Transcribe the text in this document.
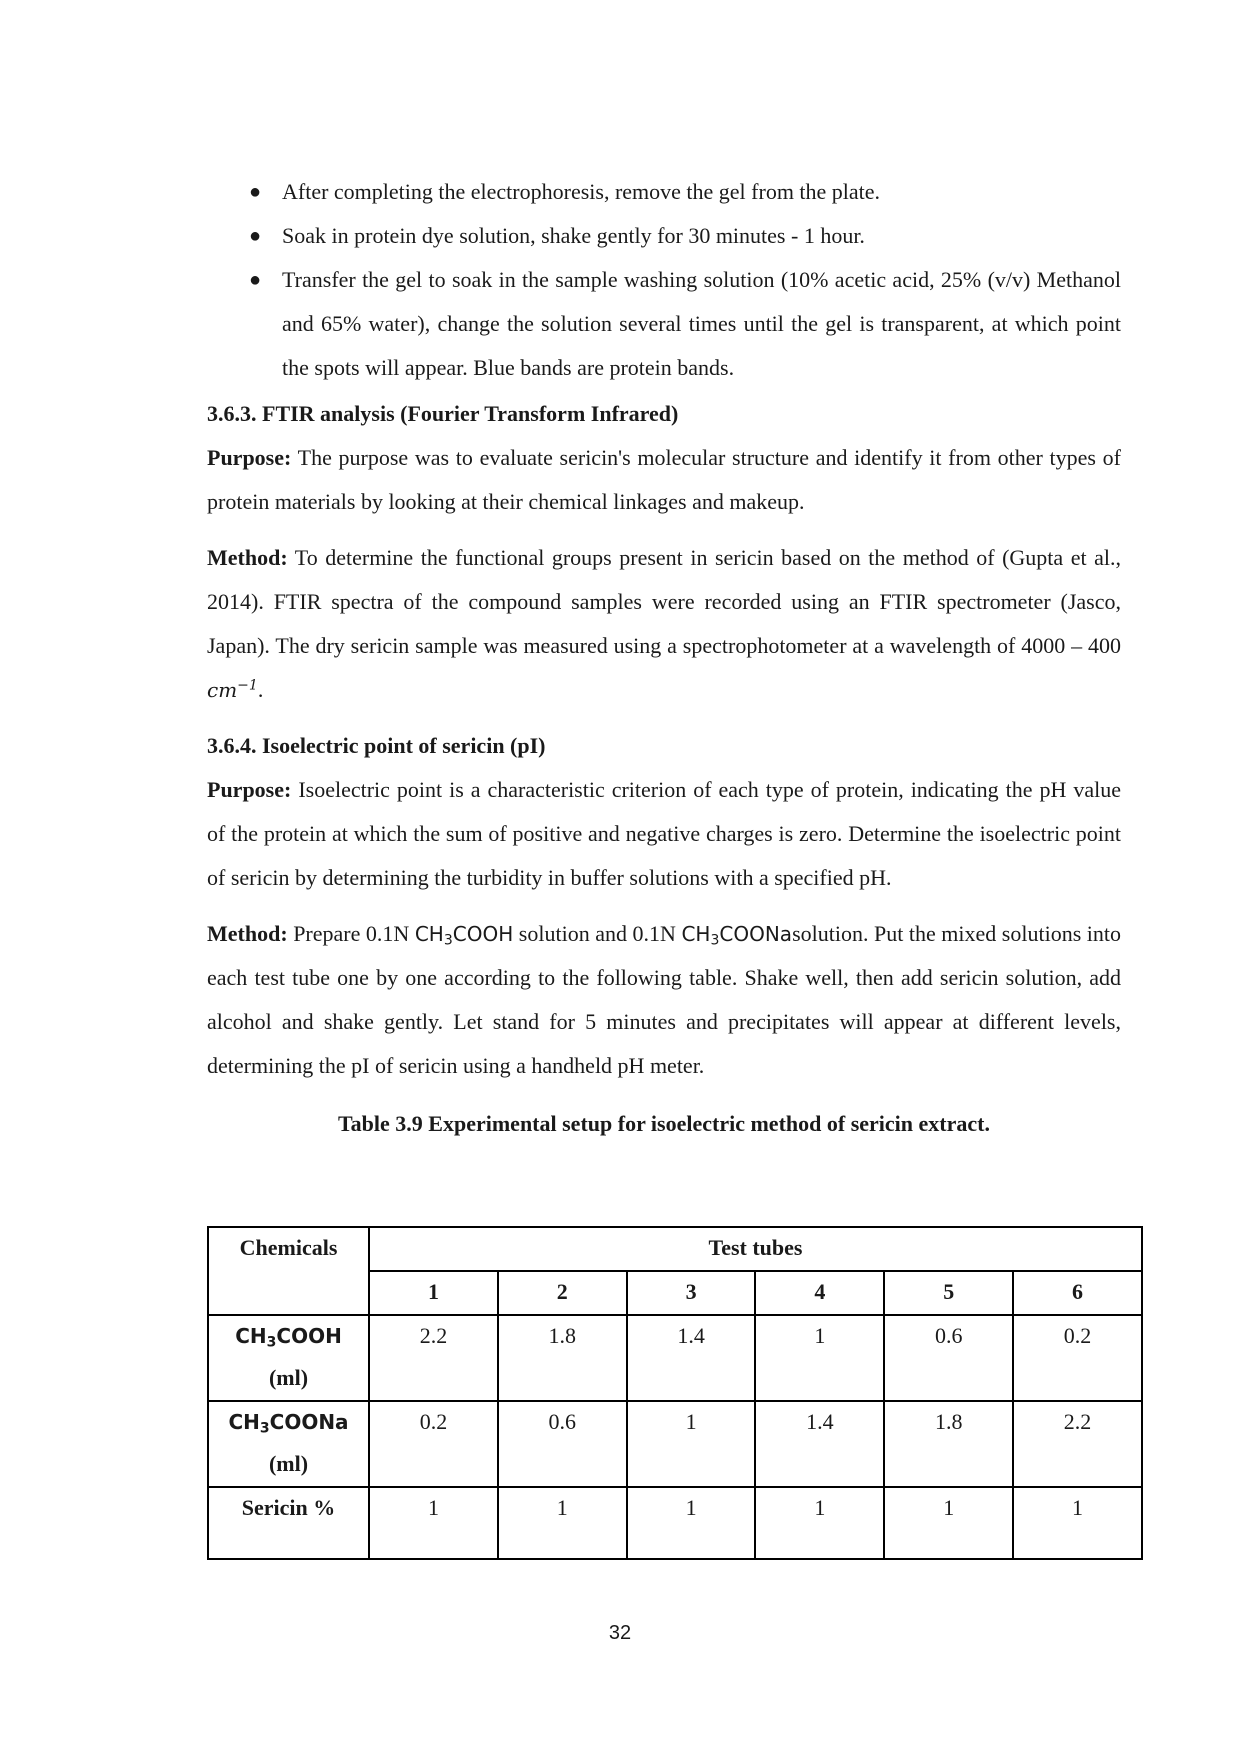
● After completing the electrophoresis, remove the gel from the plate.
● Soak in protein dye solution, shake gently for 30 minutes - 1 hour.
● Transfer the gel to soak in the sample washing solution (10% acetic acid, 25% (v/v) Methanol and 65% water), change the solution several times until the gel is transparent, at which point the spots will appear. Blue bands are protein bands.
3.6.3. FTIR analysis (Fourier Transform Infrared)

Purpose: The purpose was to evaluate sericin's molecular structure and identify it from other types of protein materials by looking at their chemical linkages and makeup.

Method: To determine the functional groups present in sericin based on the method of (Gupta et al., 2014). FTIR spectra of the compound samples were recorded using an FTIR spectrometer (Jasco, Japan). The dry sericin sample was measured using a spectrophotometer at a wavelength of 4000 – 400 $cm^{-1}$.

3.6.4. Isoelectric point of sericin (pI)

Purpose: Isoelectric point is a characteristic criterion of each type of protein, indicating the pH value of the protein at which the sum of positive and negative charges is zero. Determine the isoelectric point of sericin by determining the turbidity in buffer solutions with a specified pH.

Method: Prepare 0.1N $CH_3COOH$ solution and 0.1N $CH_3COONasolution$. Put the mixed solutions into each test tube one by one according to the following table. Shake well, then add sericin solution, add alcohol and shake gently. Let stand for 5 minutes and precipitates will appear at different levels, determining the pI of sericin using a handheld pH meter.

Table 3.9 Experimental setup for isoelectric method of sericin extract.
Chemicals	Test tubes					
	1	2	3	4	5	6
$CH_3COOH$
(ml)	2.2	1.8	1.4	1	0.6	0.2
$CH_3COONa$
(ml)	0.2	0.6	1	1.4	1.8	2.2
Sericin %	1	1	1	1	1	1
32
